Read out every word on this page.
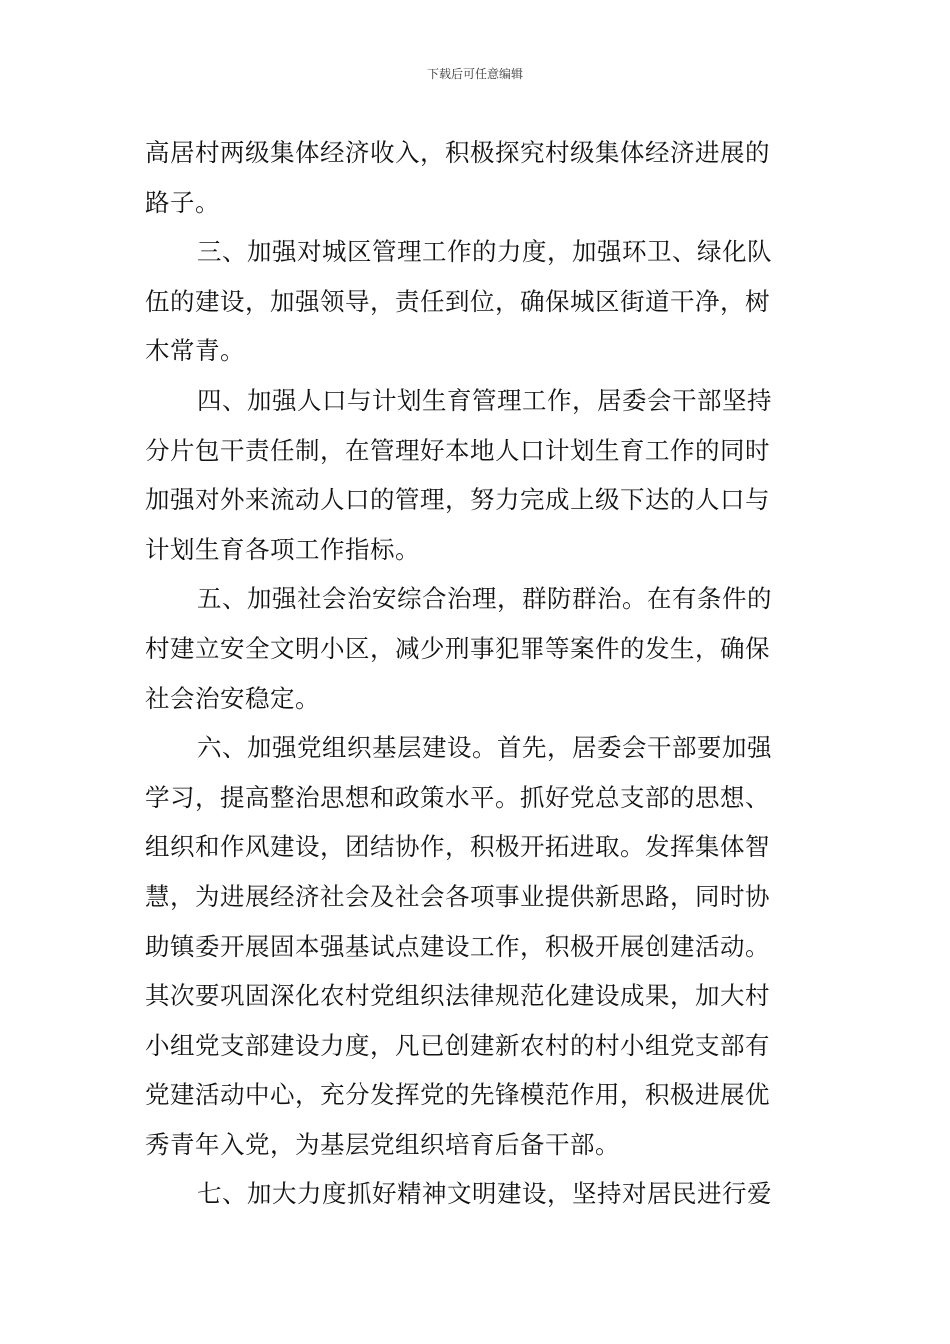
下载后可任意编辑
高居村两级集体经济收入，积极探究村级集体经济进展的
路子。
三、加强对城区管理工作的力度，加强环卫、绿化队
伍的建设，加强领导，责任到位，确保城区街道干净，树
木常青。
四、加强人口与计划生育管理工作，居委会干部坚持
分片包干责任制，在管理好本地人口计划生育工作的同时
加强对外来流动人口的管理，努力完成上级下达的人口与
计划生育各项工作指标。
五、加强社会治安综合治理，群防群治。在有条件的
村建立安全文明小区，减少刑事犯罪等案件的发生，确保
社会治安稳定。
六、加强党组织基层建设。首先，居委会干部要加强
学习，提高整治思想和政策水平。抓好党总支部的思想、
组织和作风建设，团结协作，积极开拓进取。发挥集体智
慧，为进展经济社会及社会各项事业提供新思路，同时协
助镇委开展固本强基试点建设工作，积极开展创建活动。
其次要巩固深化农村党组织法律规范化建设成果，加大村
小组党支部建设力度，凡已创建新农村的村小组党支部有
党建活动中心，充分发挥党的先锋模范作用，积极进展优
秀青年入党，为基层党组织培育后备干部。
七、加大力度抓好精神文明建设，坚持对居民进行爱
